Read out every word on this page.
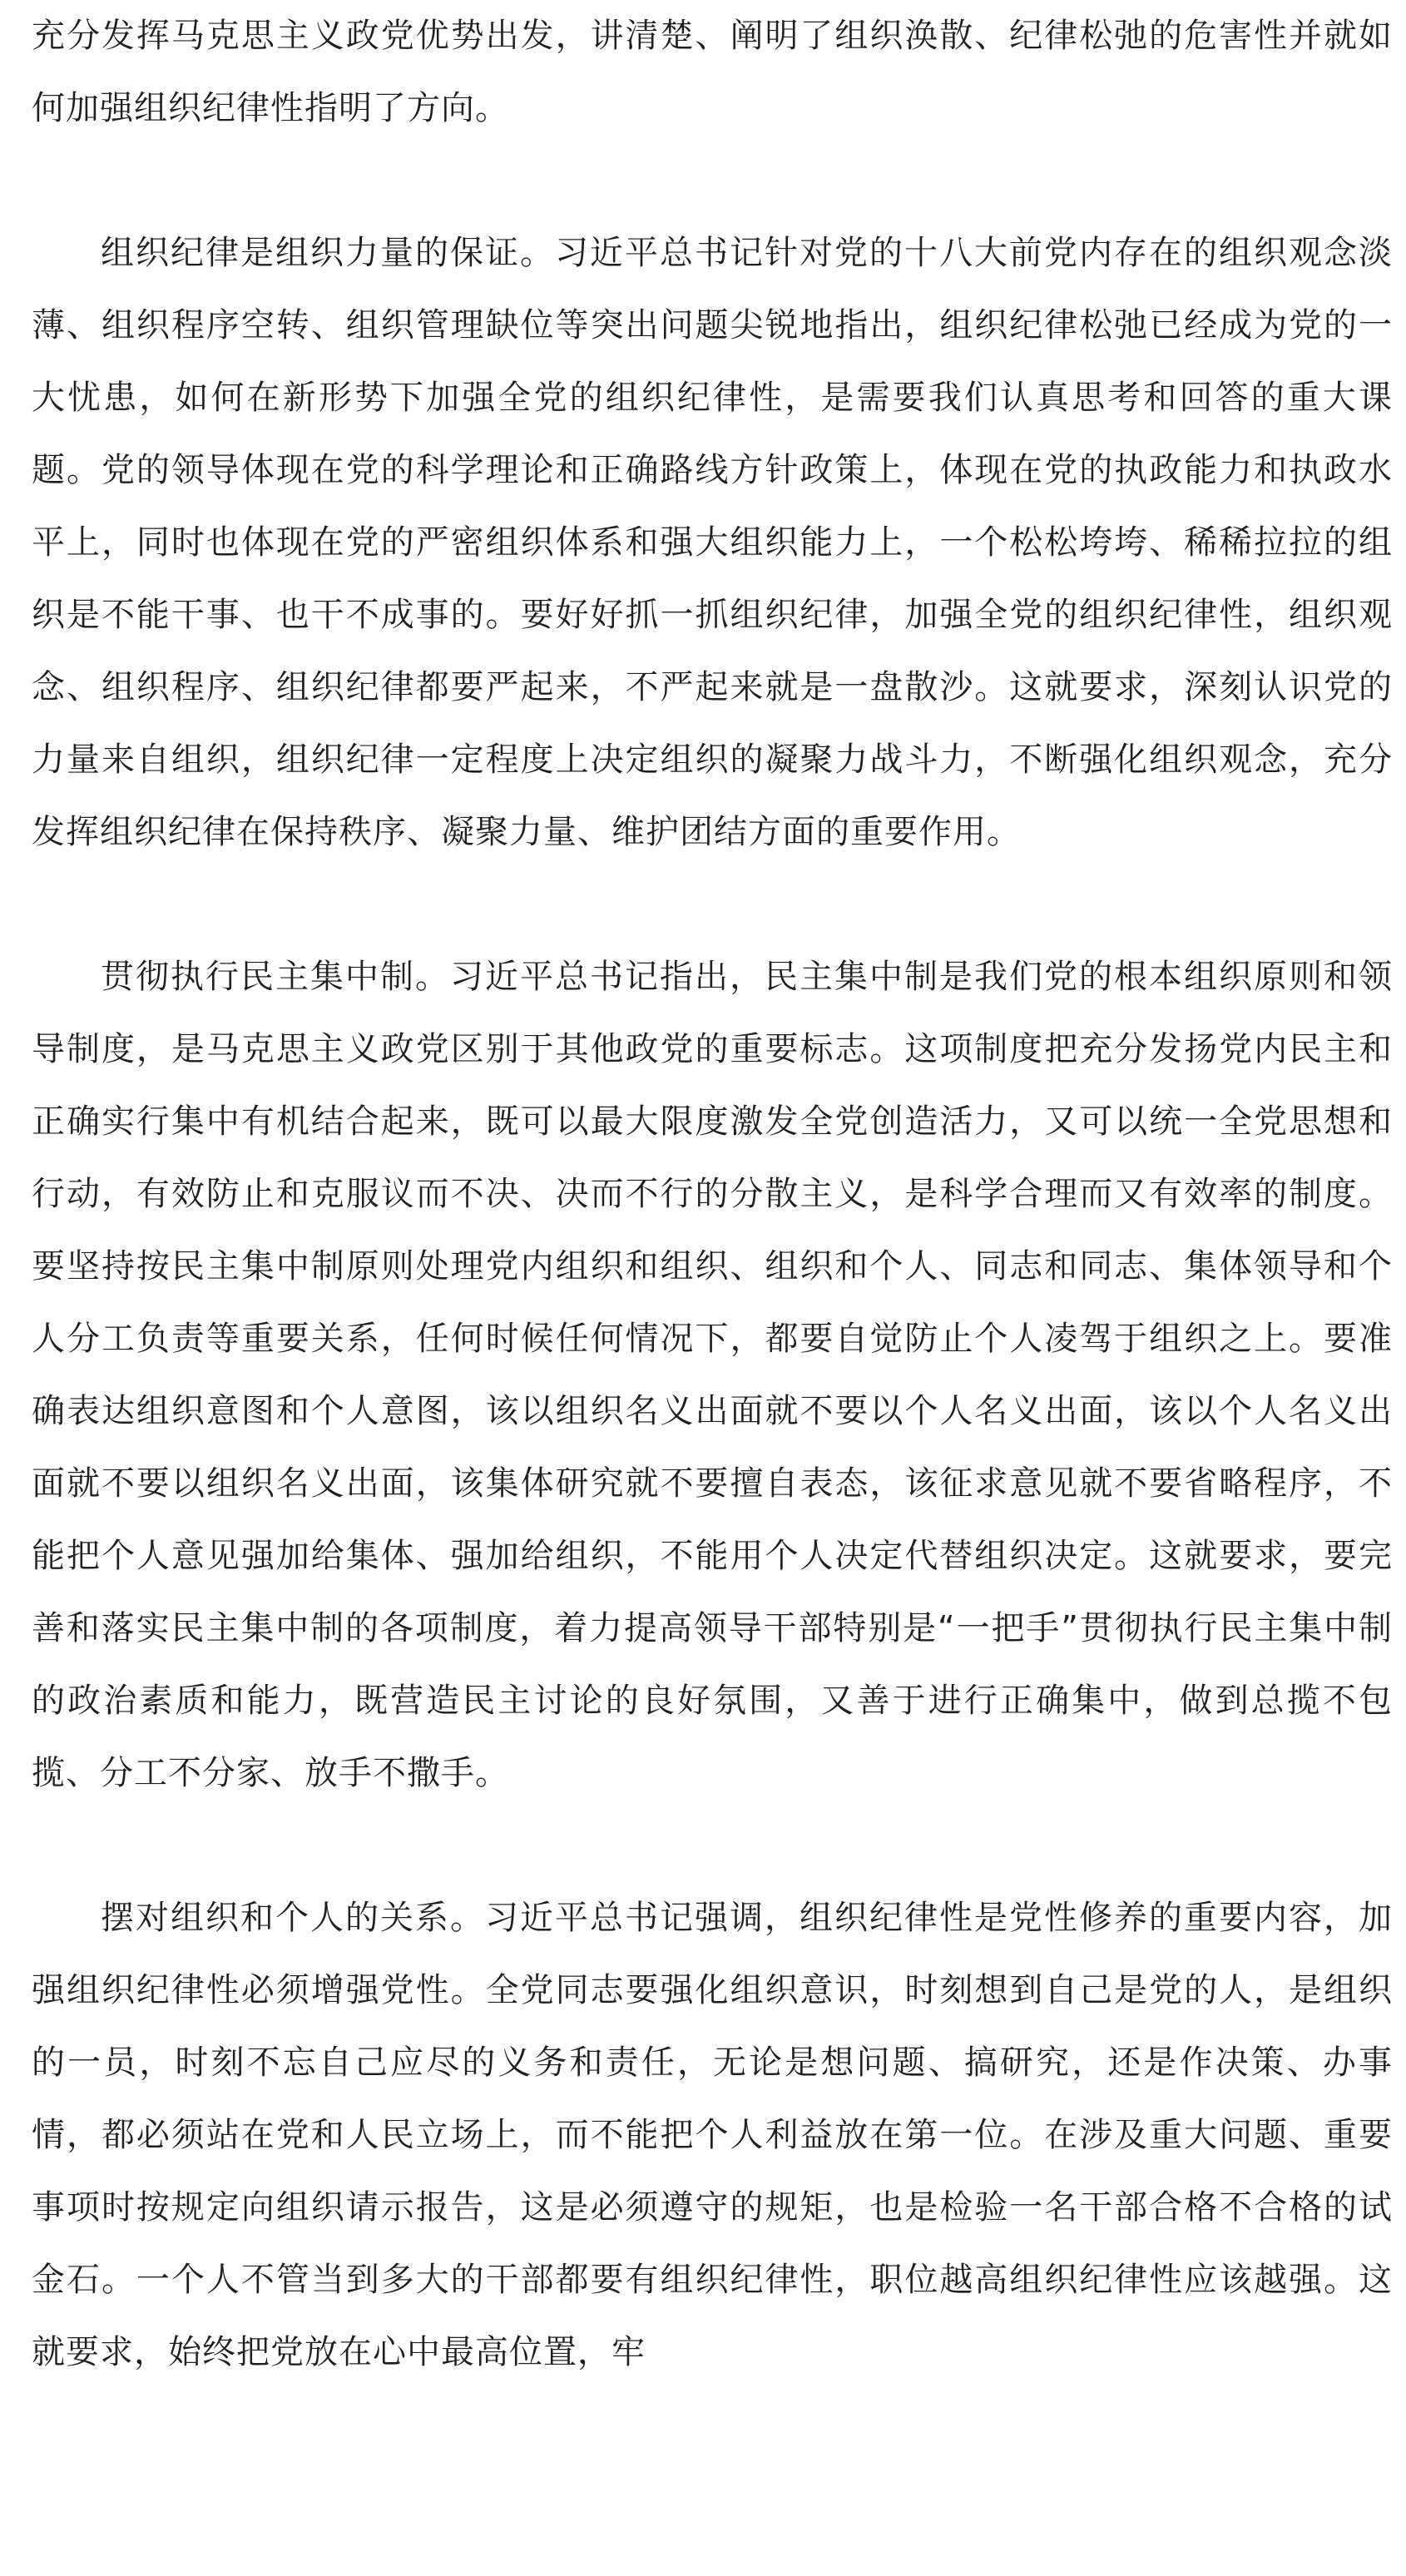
充分发挥马克思主义政党优势出发，讲清楚、阐明了组织涣散、纪律松弛的危害性并就如何加强组织纪律性指明了方向。

组织纪律是组织力量的保证。习近平总书记针对党的十八大前党内存在的组织观念淡薄、组织程序空转、组织管理缺位等突出问题尖锐地指出，组织纪律松弛已经成为党的一大忧患，如何在新形势下加强全党的组织纪律性，是需要我们认真思考和回答的重大课题。党的领导体现在党的科学理论和正确路线方针政策上，体现在党的执政能力和执政水平上，同时也体现在党的严密组织体系和强大组织能力上，一个松松垮垮、稀稀拉拉的组织是不能干事、也干不成事的。要好好抓一抓组织纪律，加强全党的组织纪律性，组织观念、组织程序、组织纪律都要严起来，不严起来就是一盘散沙。这就要求，深刻认识党的力量来自组织，组织纪律一定程度上决定组织的凝聚力战斗力，不断强化组织观念，充分发挥组织纪律在保持秩序、凝聚力量、维护团结方面的重要作用。

贯彻执行民主集中制。习近平总书记指出，民主集中制是我们党的根本组织原则和领导制度，是马克思主义政党区别于其他政党的重要标志。这项制度把充分发扬党内民主和正确实行集中有机结合起来，既可以最大限度激发全党创造活力，又可以统一全党思想和行动，有效防止和克服议而不决、决而不行的分散主义，是科学合理而又有效率的制度。要坚持按民主集中制原则处理党内组织和组织、组织和个人、同志和同志、集体领导和个人分工负责等重要关系，任何时候任何情况下，都要自觉防止个人凌驾于组织之上。要准确表达组织意图和个人意图，该以组织名义出面就不要以个人名义出面，该以个人名义出面就不要以组织名义出面，该集体研究就不要擅自表态，该征求意见就不要省略程序，不能把个人意见强加给集体、强加给组织，不能用个人决定代替组织决定。这就要求，要完善和落实民主集中制的各项制度，着力提高领导干部特别是“一把手”贯彻执行民主集中制的政治素质和能力，既营造民主讨论的良好氛围，又善于进行正确集中，做到总揽不包揽、分工不分家、放手不撒手。

摆对组织和个人的关系。习近平总书记强调，组织纪律性是党性修养的重要内容，加强组织纪律性必须增强党性。全党同志要强化组织意识，时刻想到自己是党的人，是组织的一员，时刻不忘自己应尽的义务和责任，无论是想问题、搞研究，还是作决策、办事情，都必须站在党和人民立场上，而不能把个人利益放在第一位。在涉及重大问题、重要事项时按规定向组织请示报告，这是必须遵守的规矩，也是检验一名干部合格不合格的试金石。一个人不管当到多大的干部都要有组织纪律性，职位越高组织纪律性应该越强。这就要求，始终把党放在心中最高位置，牢
